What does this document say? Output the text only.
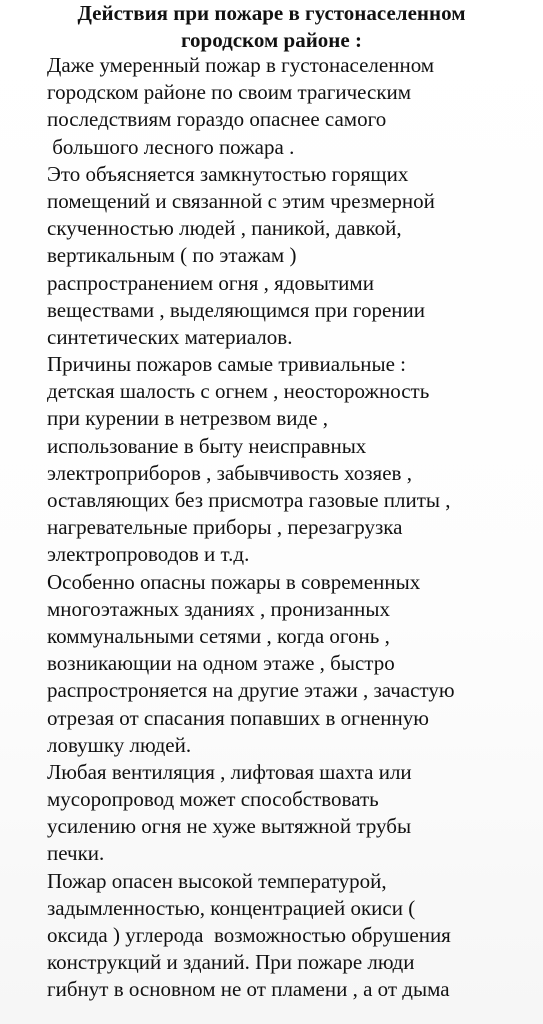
Действия при пожаре в густонаселенном
городском районе :
Даже умеренный пожар в густонаселенном
городском районе по своим трагическим
последствиям гораздо опаснее самого
большого лесного пожара .
Это объясняется замкнутостью горящих
помещений и связанной с этим чрезмерной
скученностью людей , паникой, давкой,
вертикальным ( по этажам )
распространением огня , ядовытими
веществами , выделяющимся при горении
синтетических материалов.
Причины пожаров самые тривиальные :
детская шалость с огнем , неосторожность
при курении в нетрезвом виде ,
использование в быту неисправных
электроприборов , забывчивость хозяев ,
оставляющих без присмотра газовые плиты ,
нагревательные приборы , перезагрузка
электропроводов и т.д.
Особенно опасны пожары в современных
многоэтажных зданиях , пронизанных
коммунальными сетями , когда огонь ,
возникающии на одном этаже , быстро
распростроняется на другие этажи , зачастую
отрезая от спасания попавших в огненную
ловушку людей.
Любая вентиляция , лифтовая шахта или
мусоропровод может способствовать
усилению огня не хуже вытяжной трубы
печки.
Пожар опасен высокой температурой,
задымленностью, концентрацией окиси (
оксида ) углерода  возможностью обрушения
конструкций и зданий. При пожаре люди
гибнут в основном не от пламени , а от дыма
